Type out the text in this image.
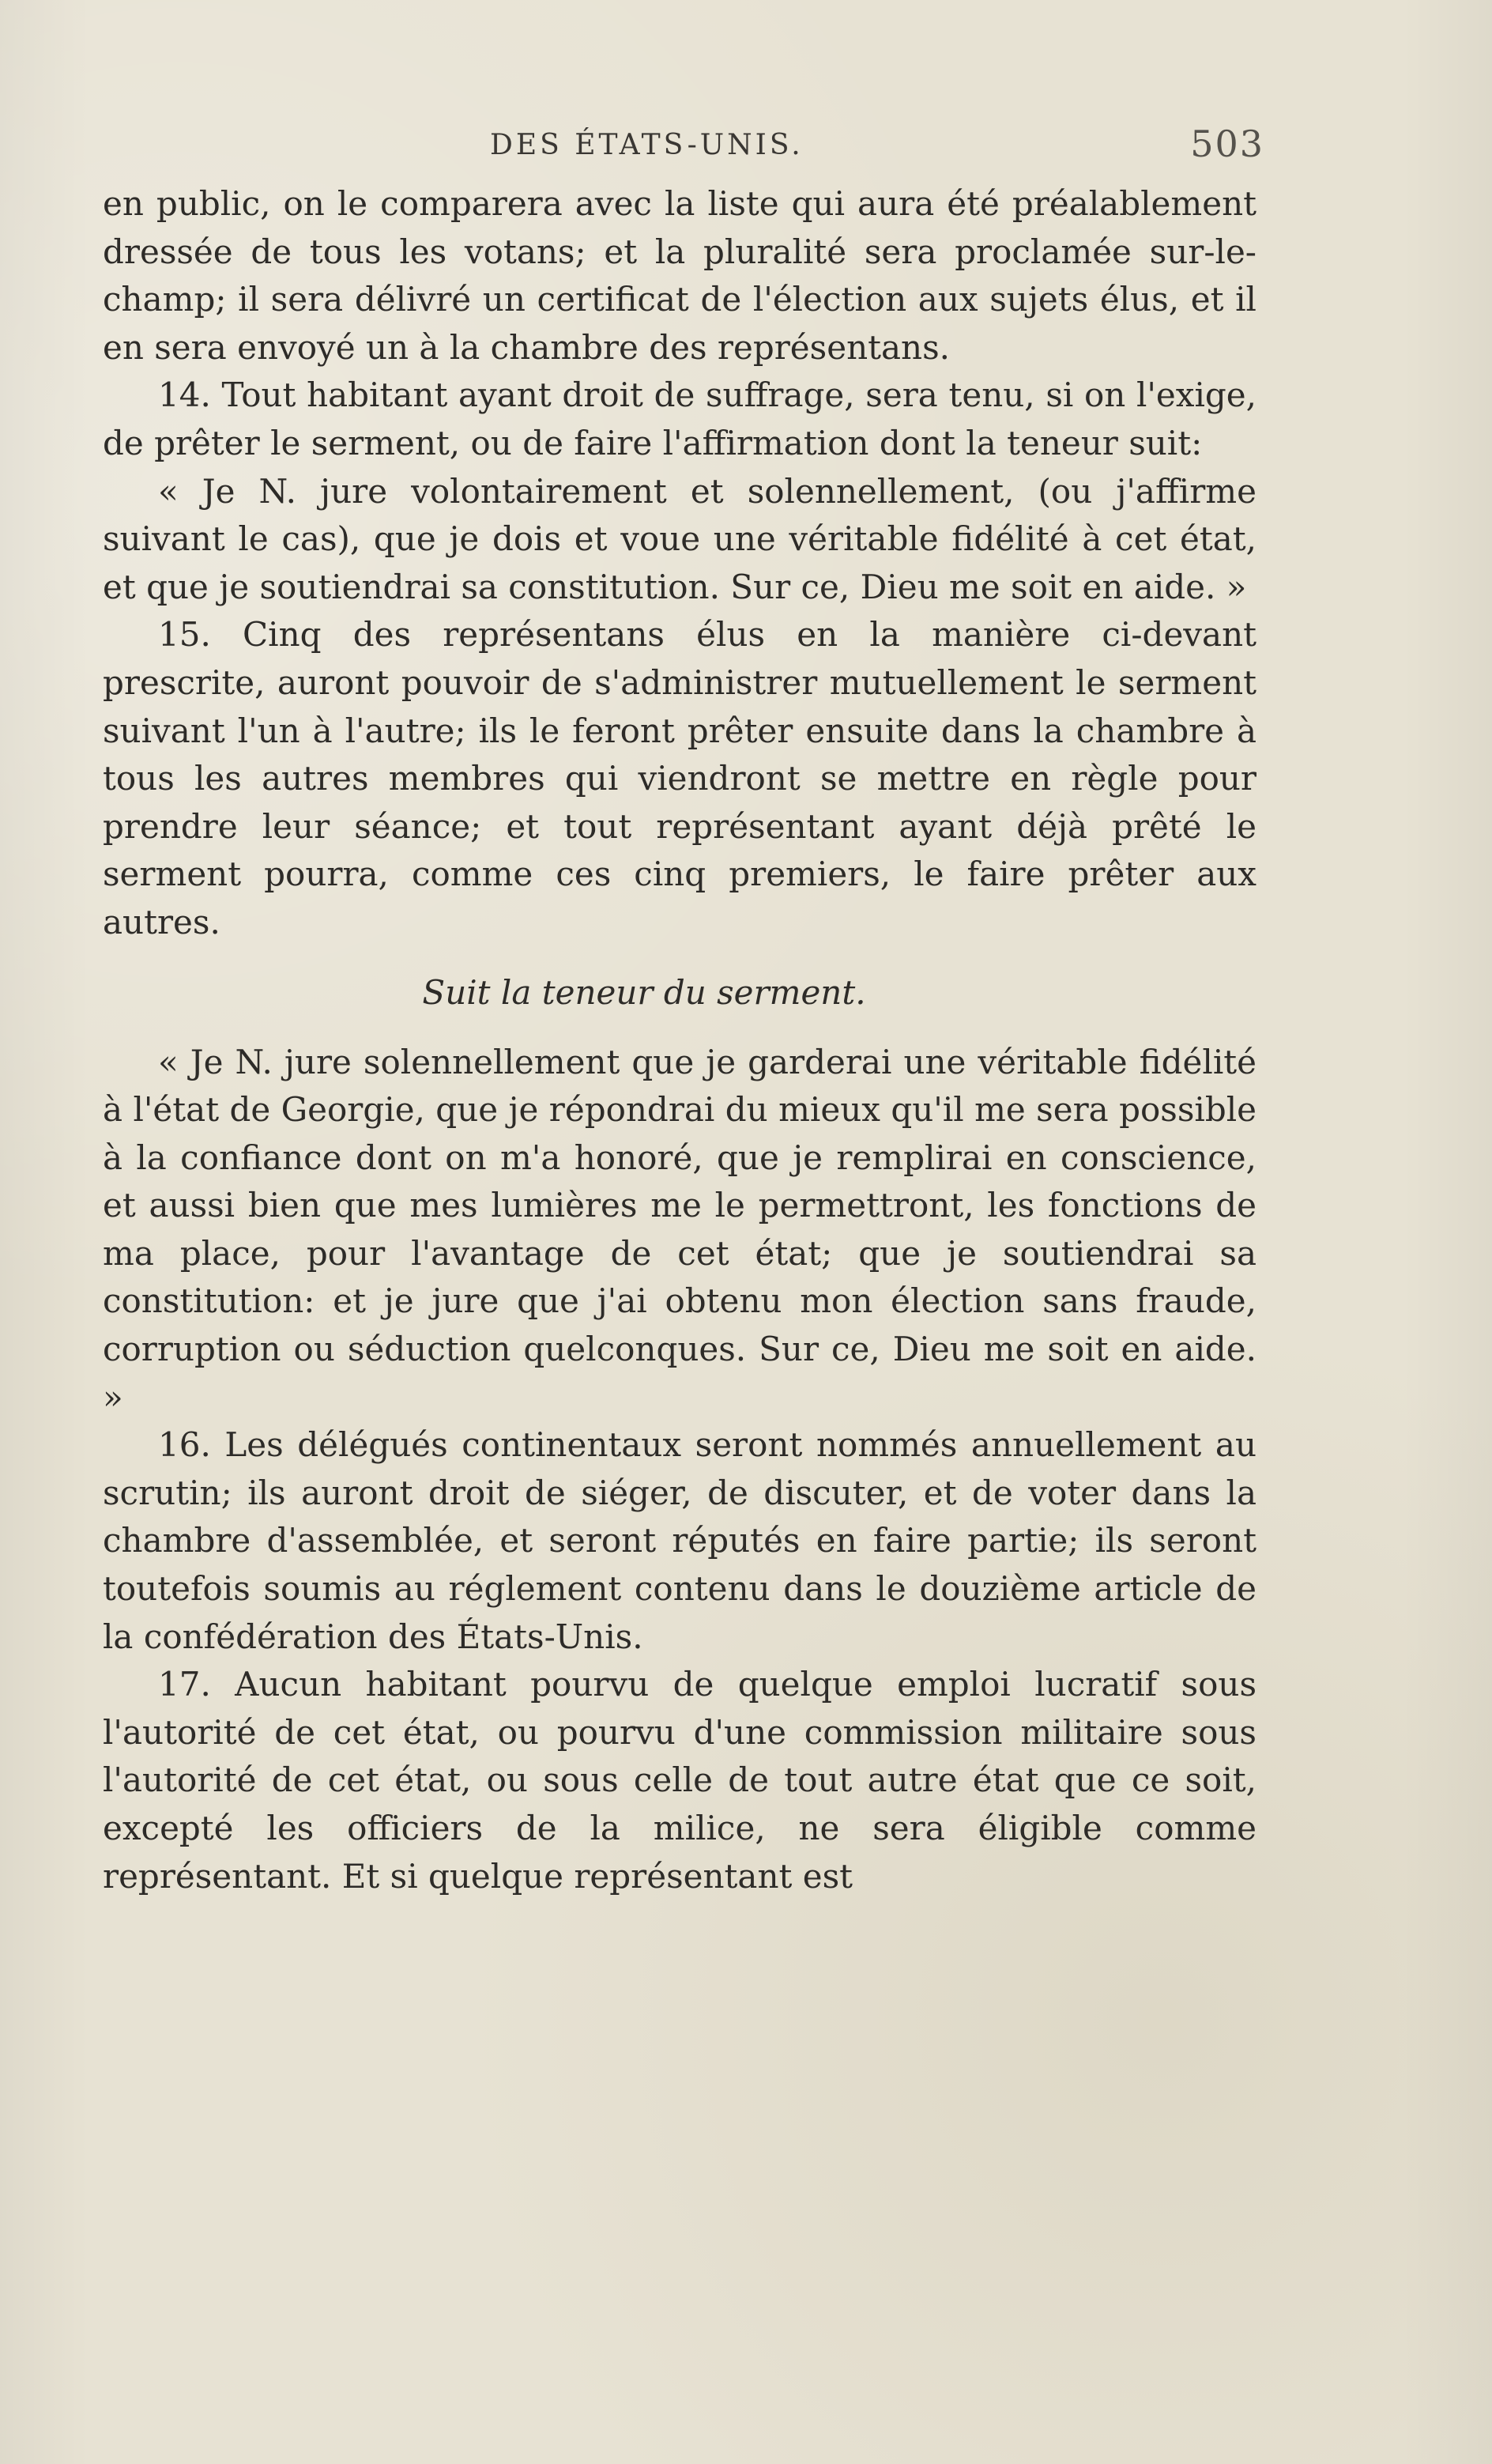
DES ÉTATS-UNIS.	503

en public, on le comparera avec la liste qui aura été préalablement dressée de tous les votans; et la pluralité sera proclamée sur-le-champ; il sera délivré un certificat de l'élection aux sujets élus, et il en sera envoyé un à la chambre des représentans.

14. Tout habitant ayant droit de suffrage, sera tenu, si on l'exige, de prêter le serment, ou de faire l'affirmation dont la teneur suit:

« Je N. jure volontairement et solennellement, (ou j'affirme suivant le cas), que je dois et voue une véritable fidélité à cet état, et que je soutiendrai sa constitution. Sur ce, Dieu me soit en aide. »

15. Cinq des représentans élus en la manière ci-devant prescrite, auront pouvoir de s'administrer mutuellement le serment suivant l'un à l'autre; ils le feront prêter ensuite dans la chambre à tous les autres membres qui viendront se mettre en règle pour prendre leur séance; et tout représentant ayant déjà prêté le serment pourra, comme ces cinq premiers, le faire prêter aux autres.

Suit la teneur du serment.

« Je N. jure solennellement que je garderai une véritable fidélité à l'état de Georgie, que je répondrai du mieux qu'il me sera possible à la confiance dont on m'a honoré, que je remplirai en conscience, et aussi bien que mes lumières me le permettront, les fonctions de ma place, pour l'avantage de cet état; que je soutiendrai sa constitution: et je jure que j'ai obtenu mon élection sans fraude, corruption ou séduction quelconques. Sur ce, Dieu me soit en aide. »

16. Les délégués continentaux seront nommés annuellement au scrutin; ils auront droit de siéger, de discuter, et de voter dans la chambre d'assemblée, et seront réputés en faire partie; ils seront toutefois soumis au réglement contenu dans le douzième article de la confédération des États-Unis.

17. Aucun habitant pourvu de quelque emploi lucratif sous l'autorité de cet état, ou pourvu d'une commission militaire sous l'autorité de cet état, ou sous celle de tout autre état que ce soit, excepté les officiers de la milice, ne sera éligible comme représentant. Et si quelque représentant est
